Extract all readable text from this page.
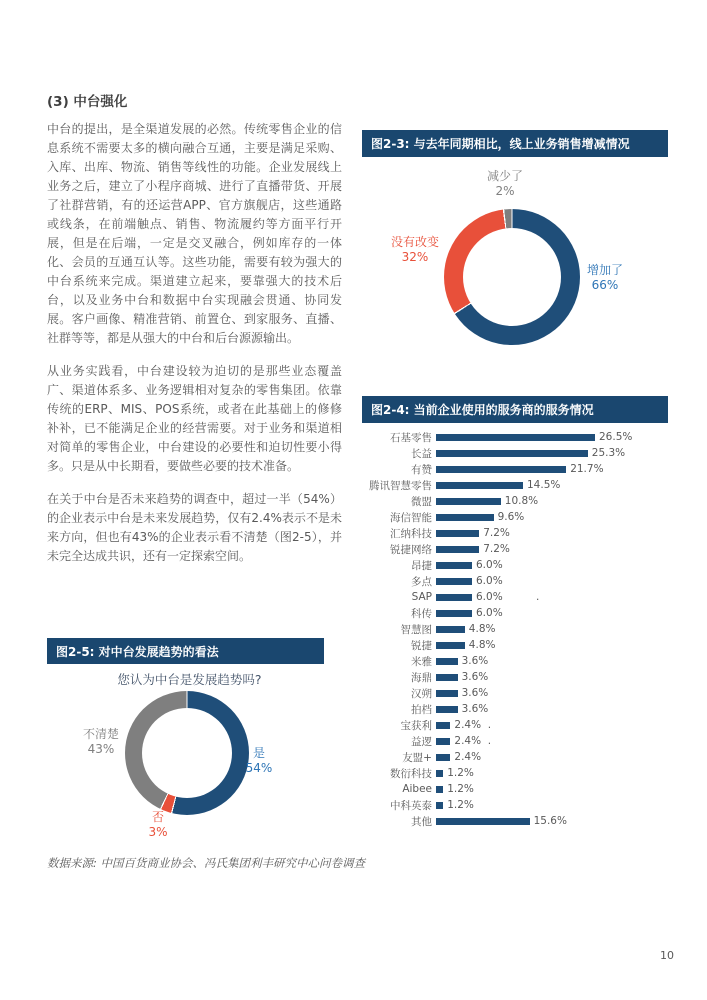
(3) 中台强化

中台的提出，是全渠道发展的必然。传统零售企业的信息系统不需要太多的横向融合互通，主要是满足采购、入库、出库、物流、销售等线性的功能。企业发展线上业务之后，建立了小程序商城、进行了直播带货、开展了社群营销，有的还运营APP、官方旗舰店，这些通路或线条，在前端触点、销售、物流履约等方面平行开展，但是在后端，一定是交叉融合，例如库存的一体化、会员的互通互认等。这些功能，需要有较为强大的中台系统来完成。渠道建立起来，要靠强大的技术后台，以及业务中台和数据中台实现融会贯通、协同发展。客户画像、精准营销、前置仓、到家服务、直播、社群等等，都是从强大的中台和后台源源输出。

从业务实践看，中台建设较为迫切的是那些业态覆盖广、渠道体系多、业务逻辑相对复杂的零售集团。依靠传统的ERP、MIS、POS系统，或者在此基础上的修修补补，已不能满足企业的经营需要。对于业务和渠道相对简单的零售企业，中台建设的必要性和迫切性要小得多。只是从中长期看，要做些必要的技术准备。

在关于中台是否未来趋势的调查中，超过一半（54%）的企业表示中台是未来发展趋势，仅有2.4%表示不是未来方向，但也有43%的企业表示看不清楚（图2-5），并未完全达成共识，还有一定探索空间。

图2-3: 与去年同期相比，线上业务销售增减情况
减少了
2%
没有改变
32%
增加了
66%
图2-4: 当前企业使用的服务商的服务情况
石基零售	26.5%
长益	25.3%
有赞	21.7%
腾讯智慧零售	14.5%
微盟	10.8%
海信智能	9.6%
汇纳科技	7.2%
锐捷网络	7.2%
昂捷	6.0%
多点	6.0%
SAP	6.0%          .
科传	6.0%
智慧图	4.8%
锐捷	4.8%
米雅	3.6%
海鼎	3.6%
汉朔	3.6%
拍档	3.6%
宝获利 2.4%  .
益逻 2.4%  .
友盟+ 2.4%
数衍科技 1.2%
Aibee 1.2%
中科英泰 1.2%
其他	15.6%
图2-5: 对中台发展趋势的看法
您认为中台是发展趋势吗?
不清楚
43%	是
54%
否
3%
数据来源: 中国百货商业协会、冯氏集团利丰研究中心问卷调查
10
